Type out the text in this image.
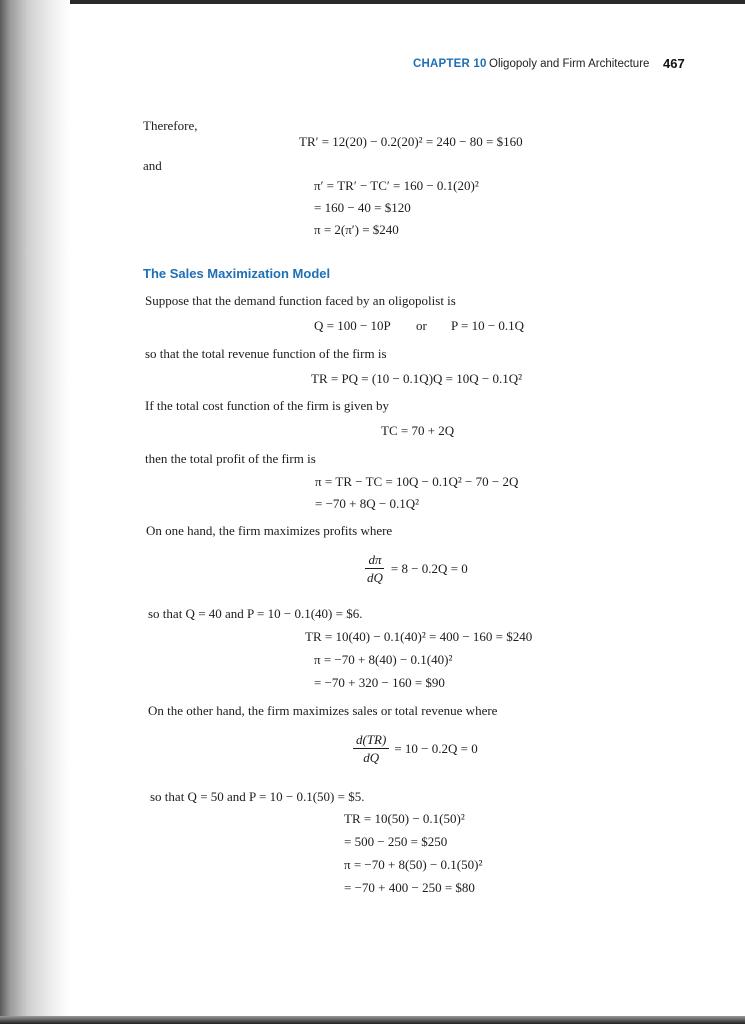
CHAPTER 10 Oligopoly and Firm Architecture 467
Therefore,
TR′ = 12(20) − 0.2(20)² = 240 − 80 = $160
and
π′ = TR′ − TC′ = 160 − 0.1(20)²
= 160 − 40 = $120
π = 2(π′) = $240
The Sales Maximization Model
Suppose that the demand function faced by an oligopolist is
Q = 100 − 10P or P = 10 − 0.1Q
so that the total revenue function of the firm is
TR = PQ = (10 − 0.1Q)Q = 10Q − 0.1Q²
If the total cost function of the firm is given by
TC = 70 + 2Q
then the total profit of the firm is
π = TR − TC = 10Q − 0.1Q² − 70 − 2Q
= −70 + 8Q − 0.1Q²
On one hand, the firm maximizes profits where
$\frac{d\pi}{dQ} = 8 - 0.2Q = 0$
so that Q = 40 and P = 10 − 0.1(40) = $6.
TR = 10(40) − 0.1(40)² = 400 − 160 = $240
π = −70 + 8(40) − 0.1(40)²
= −70 + 320 − 160 = $90
On the other hand, the firm maximizes sales or total revenue where
$\frac{d(TR)}{dQ} = 10 - 0.2Q = 0$
so that Q = 50 and P = 10 − 0.1(50) = $5.
TR = 10(50) − 0.1(50)²
= 500 − 250 = $250
π = −70 + 8(50) − 0.1(50)²
= −70 + 400 − 250 = $80
